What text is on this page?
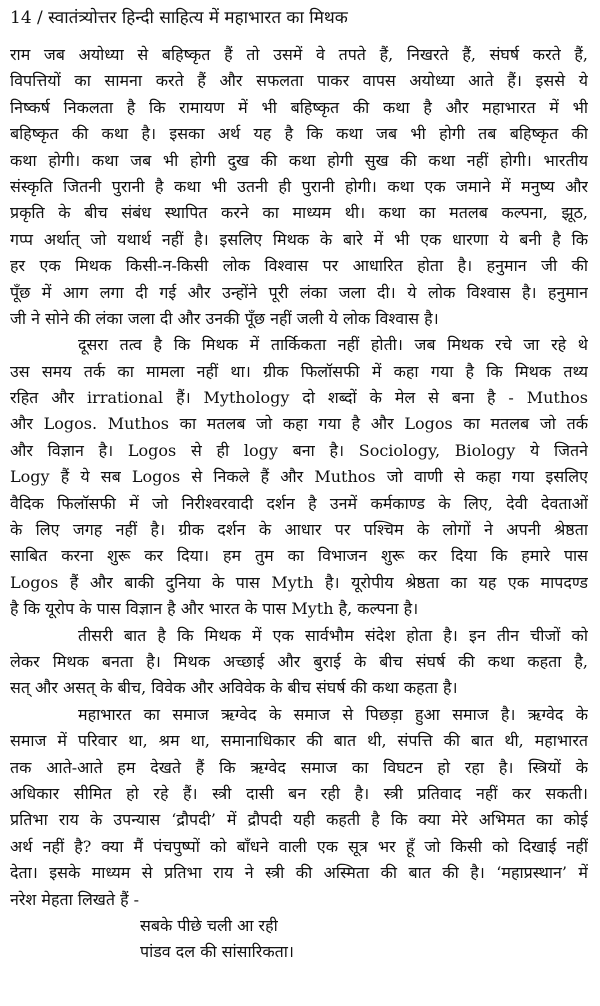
14 / स्वातंत्र्योत्तर हिन्दी साहित्य में महाभारत का मिथक
राम जब अयोध्या से बहिष्कृत हैं तो उसमें वे तपते हैं, निखरते हैं, संघर्ष करते हैं,
विपत्तियों का सामना करते हैं और सफलता पाकर वापस अयोध्या आते हैं। इससे ये
निष्कर्ष निकलता है कि रामायण में भी बहिष्कृत की कथा है और महाभारत में भी
बहिष्कृत की कथा है। इसका अर्थ यह है कि कथा जब भी होगी तब बहिष्कृत की
कथा होगी। कथा जब भी होगी दुख की कथा होगी सुख की कथा नहीं होगी। भारतीय
संस्कृति जितनी पुरानी है कथा भी उतनी ही पुरानी होगी। कथा एक जमाने में मनुष्य और
प्रकृति के बीच संबंध स्थापित करने का माध्यम थी। कथा का मतलब कल्पना, झूठ,
गप्प अर्थात् जो यथार्थ नहीं है। इसलिए मिथक के बारे में भी एक धारणा ये बनी है कि
हर एक मिथक किसी-न-किसी लोक विश्वास पर आधारित होता है। हनुमान जी की
पूँछ में आग लगा दी गई और उन्होंने पूरी लंका जला दी। ये लोक विश्वास है। हनुमान
जी ने सोने की लंका जला दी और उनकी पूँछ नहीं जली ये लोक विश्वास है।
दूसरा तत्व है कि मिथक में तार्किकता नहीं होती। जब मिथक रचे जा रहे थे
उस समय तर्क का मामला नहीं था। ग्रीक फिलॉसफी में कहा गया है कि मिथक तथ्य
रहित और irrational हैं। Mythology दो शब्दों के मेल से बना है - Muthos
और Logos. Muthos का मतलब जो कहा गया है और Logos का मतलब जो तर्क
और विज्ञान है। Logos से ही logy बना है। Sociology, Biology ये जितने
Logy हैं ये सब Logos से निकले हैं और Muthos जो वाणी से कहा गया इसलिए
वैदिक फिलॉसफी में जो निरीश्वरवादी दर्शन है उनमें कर्मकाण्ड के लिए, देवी देवताओं
के लिए जगह नहीं है। ग्रीक दर्शन के आधार पर पश्चिम के लोगों ने अपनी श्रेष्ठता
साबित करना शुरू कर दिया। हम तुम का विभाजन शुरू कर दिया कि हमारे पास
Logos हैं और बाकी दुनिया के पास Myth है। यूरोपीय श्रेष्ठता का यह एक मापदण्ड
है कि यूरोप के पास विज्ञान है और भारत के पास Myth है, कल्पना है।
तीसरी बात है कि मिथक में एक सार्वभौम संदेश होता है। इन तीन चीजों को
लेकर मिथक बनता है। मिथक अच्छाई और बुराई के बीच संघर्ष की कथा कहता है,
सत् और असत् के बीच, विवेक और अविवेक के बीच संघर्ष की कथा कहता है।
महाभारत का समाज ऋग्वेद के समाज से पिछड़ा हुआ समाज है। ऋग्वेद के
समाज में परिवार था, श्रम था, समानाधिकार की बात थी, संपत्ति की बात थी, महाभारत
तक आते-आते हम देखते हैं कि ऋग्वेद समाज का विघटन हो रहा है। स्त्रियों के
अधिकार सीमित हो रहे हैं। स्त्री दासी बन रही है। स्त्री प्रतिवाद नहीं कर सकती।
प्रतिभा राय के उपन्यास ‘द्रौपदी’ में द्रौपदी यही कहती है कि क्या मेरे अभिमत का कोई
अर्थ नहीं है? क्या मैं पंचपुष्पों को बाँधने वाली एक सूत्र भर हूँ जो किसी को दिखाई नहीं
देता। इसके माध्यम से प्रतिभा राय ने स्त्री की अस्मिता की बात की है। ‘महाप्रस्थान’ में
नरेश मेहता लिखते हैं -
सबके पीछे चली आ रही
पांडव दल की सांसारिकता।
